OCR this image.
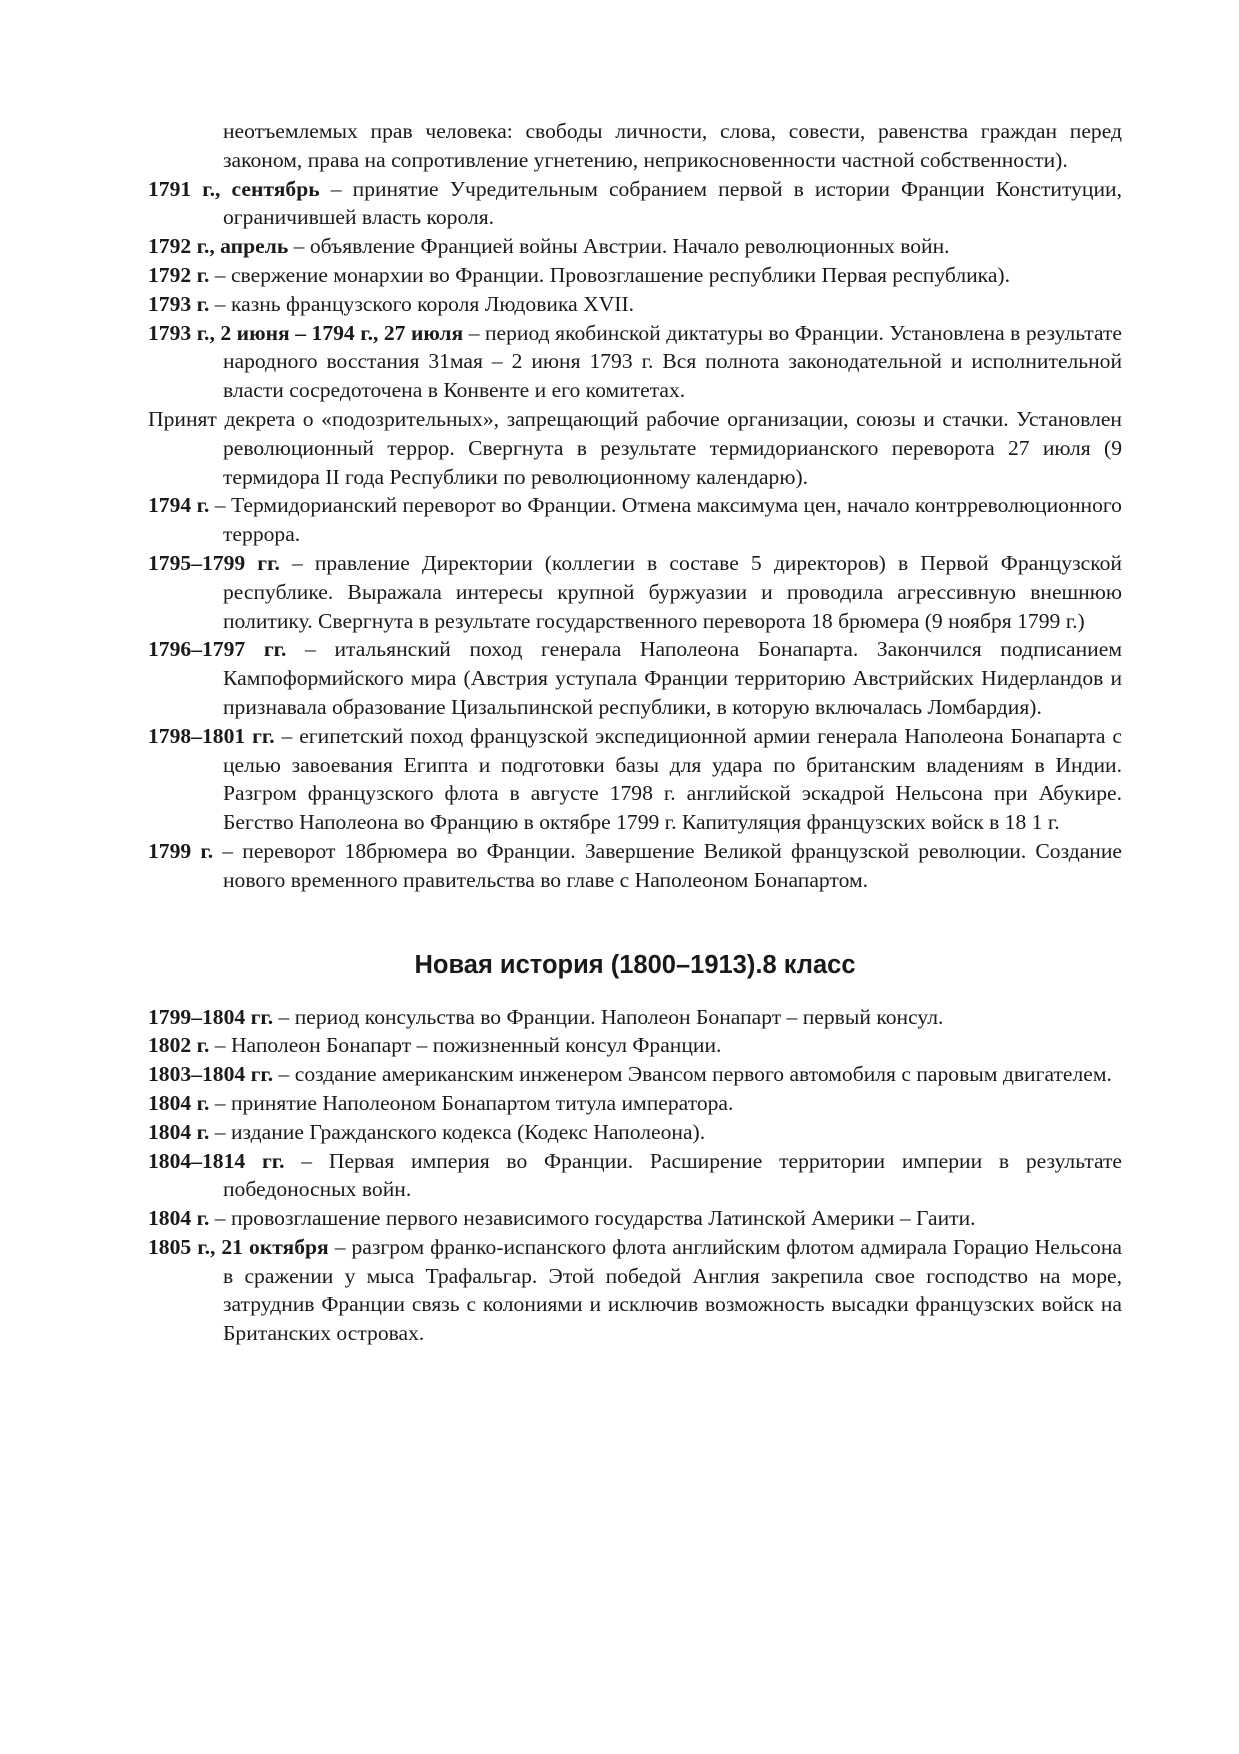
неотъемлемых прав человека: свободы личности, слова, совести, равенства граждан перед законом, права на сопротивление угнетению, неприкосновенности частной собственности).

1791 г., сентябрь – принятие Учредительным собранием первой в истории Франции Конституции, ограничившей власть короля.

1792 г., апрель – объявление Францией войны Австрии. Начало революционных войн.

1792 г. – свержение монархии во Франции. Провозглашение республики Первая республика).

1793 г. – казнь французского короля Людовика XVII.

1793 г., 2 июня – 1794 г., 27 июля – период якобинской диктатуры во Франции. Установлена в результате народного восстания 31мая – 2 июня 1793 г. Вся полнота законодательной и исполнительной власти сосредоточена в Конвенте и его комитетах.

Принят декрета о «подозрительных», запрещающий рабочие организации, союзы и стачки. Установлен революционный террор. Свергнута в результате термидорианского переворота 27 июля (9 термидора II года Республики по революционному календарю).

1794 г. – Термидорианский переворот во Франции. Отмена максимума цен, начало контрреволюционного террора.

1795–1799 гг. – правление Директории (коллегии в составе 5 директоров) в Первой Французской республике. Выражала интересы крупной буржуазии и проводила агрессивную внешнюю политику. Свергнута в результате государственного переворота 18 брюмера (9 ноября 1799 г.)

1796–1797 гг. – итальянский поход генерала Наполеона Бонапарта. Закончился подписанием Кампоформийского мира (Австрия уступала Франции территорию Австрийских Нидерландов и признавала образование Цизальпинской республики, в которую включалась Ломбардия).

1798–1801 гг. – египетский поход французской экспедиционной армии генерала Наполеона Бонапарта с целью завоевания Египта и подготовки базы для удара по британским владениям в Индии. Разгром французского флота в августе 1798 г. английской эскадрой Нельсона при Абукире. Бегство Наполеона во Францию в октябре 1799 г. Капитуляция французских войск в 18 1 г.

1799 г. – переворот 18брюмера во Франции. Завершение Великой французской революции. Создание нового временного правительства во главе с Наполеоном Бонапартом.

Новая история (1800–1913).8 класс

1799–1804 гг. – период консульства во Франции. Наполеон Бонапарт – первый консул.

1802 г. – Наполеон Бонапарт – пожизненный консул Франции.

1803–1804 гг. – создание американским инженером Эвансом первого автомобиля с паровым двигателем.

1804 г. – принятие Наполеоном Бонапартом титула императора.

1804 г. – издание Гражданского кодекса (Кодекс Наполеона).

1804–1814 гг. – Первая империя во Франции. Расширение территории империи в результате победоносных войн.

1804 г. – провозглашение первого независимого государства Латинской Америки – Гаити.

1805 г., 21 октября – разгром франко-испанского флота английским флотом адмирала Горацио Нельсона в сражении у мыса Трафальгар. Этой победой Англия закрепила свое господство на море, затруднив Франции связь с колониями и исключив возможность высадки французских войск на Британских островах.
